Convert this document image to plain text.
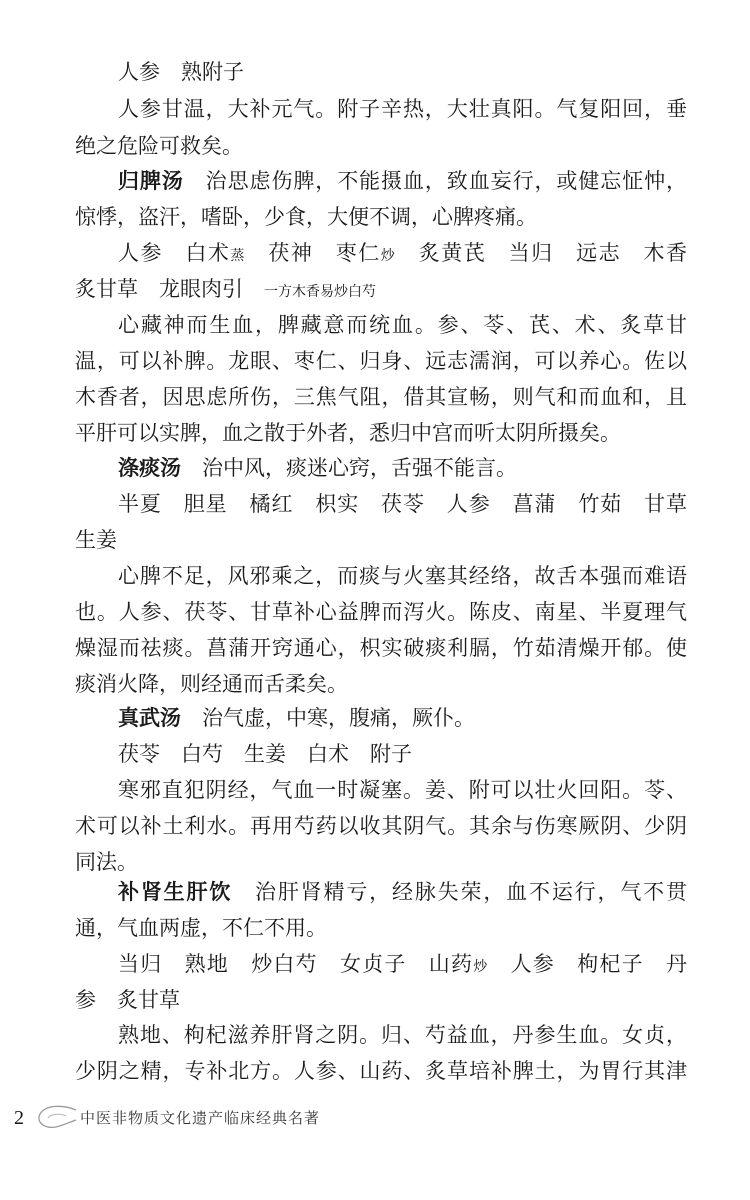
人参　熟附子
人参甘温，大补元气。附子辛热，大壮真阳。气复阳回，垂
绝之危险可救矣。
归脾汤　治思虑伤脾，不能摄血，致血妄行，或健忘怔忡，
惊悸，盗汗，嗜卧，少食，大便不调，心脾疼痛。
人参　白术蒸　茯神　枣仁炒　炙黄芪　当归　远志　木香
炙甘草　龙眼肉引　一方木香易炒白芍
心藏神而生血，脾藏意而统血。参、苓、芪、术、炙草甘
温，可以补脾。龙眼、枣仁、归身、远志濡润，可以养心。佐以
木香者，因思虑所伤，三焦气阻，借其宣畅，则气和而血和，且
平肝可以实脾，血之散于外者，悉归中宫而听太阴所摄矣。
涤痰汤　治中风，痰迷心窍，舌强不能言。
半夏　胆星　橘红　枳实　茯苓　人参　菖蒲　竹茹　甘草
生姜
心脾不足，风邪乘之，而痰与火塞其经络，故舌本强而难语
也。人参、茯苓、甘草补心益脾而泻火。陈皮、南星、半夏理气
燥湿而祛痰。菖蒲开窍通心，枳实破痰利膈，竹茹清燥开郁。使
痰消火降，则经通而舌柔矣。
真武汤　治气虚，中寒，腹痛，厥仆。
茯苓　白芍　生姜　白术　附子
寒邪直犯阴经，气血一时凝塞。姜、附可以壮火回阳。苓、
术可以补土利水。再用芍药以收其阴气。其余与伤寒厥阴、少阴
同法。
补肾生肝饮　治肝肾精亏，经脉失荣，血不运行，气不贯
通，气血两虚，不仁不用。
当归　熟地　炒白芍　女贞子　山药炒　人参　枸杞子　丹
参　炙甘草
熟地、枸杞滋养肝肾之阴。归、芍益血，丹参生血。女贞，
少阴之精，专补北方。人参、山药、炙草培补脾土，为胃行其津
2	中医非物质文化遗产临床经典名著
